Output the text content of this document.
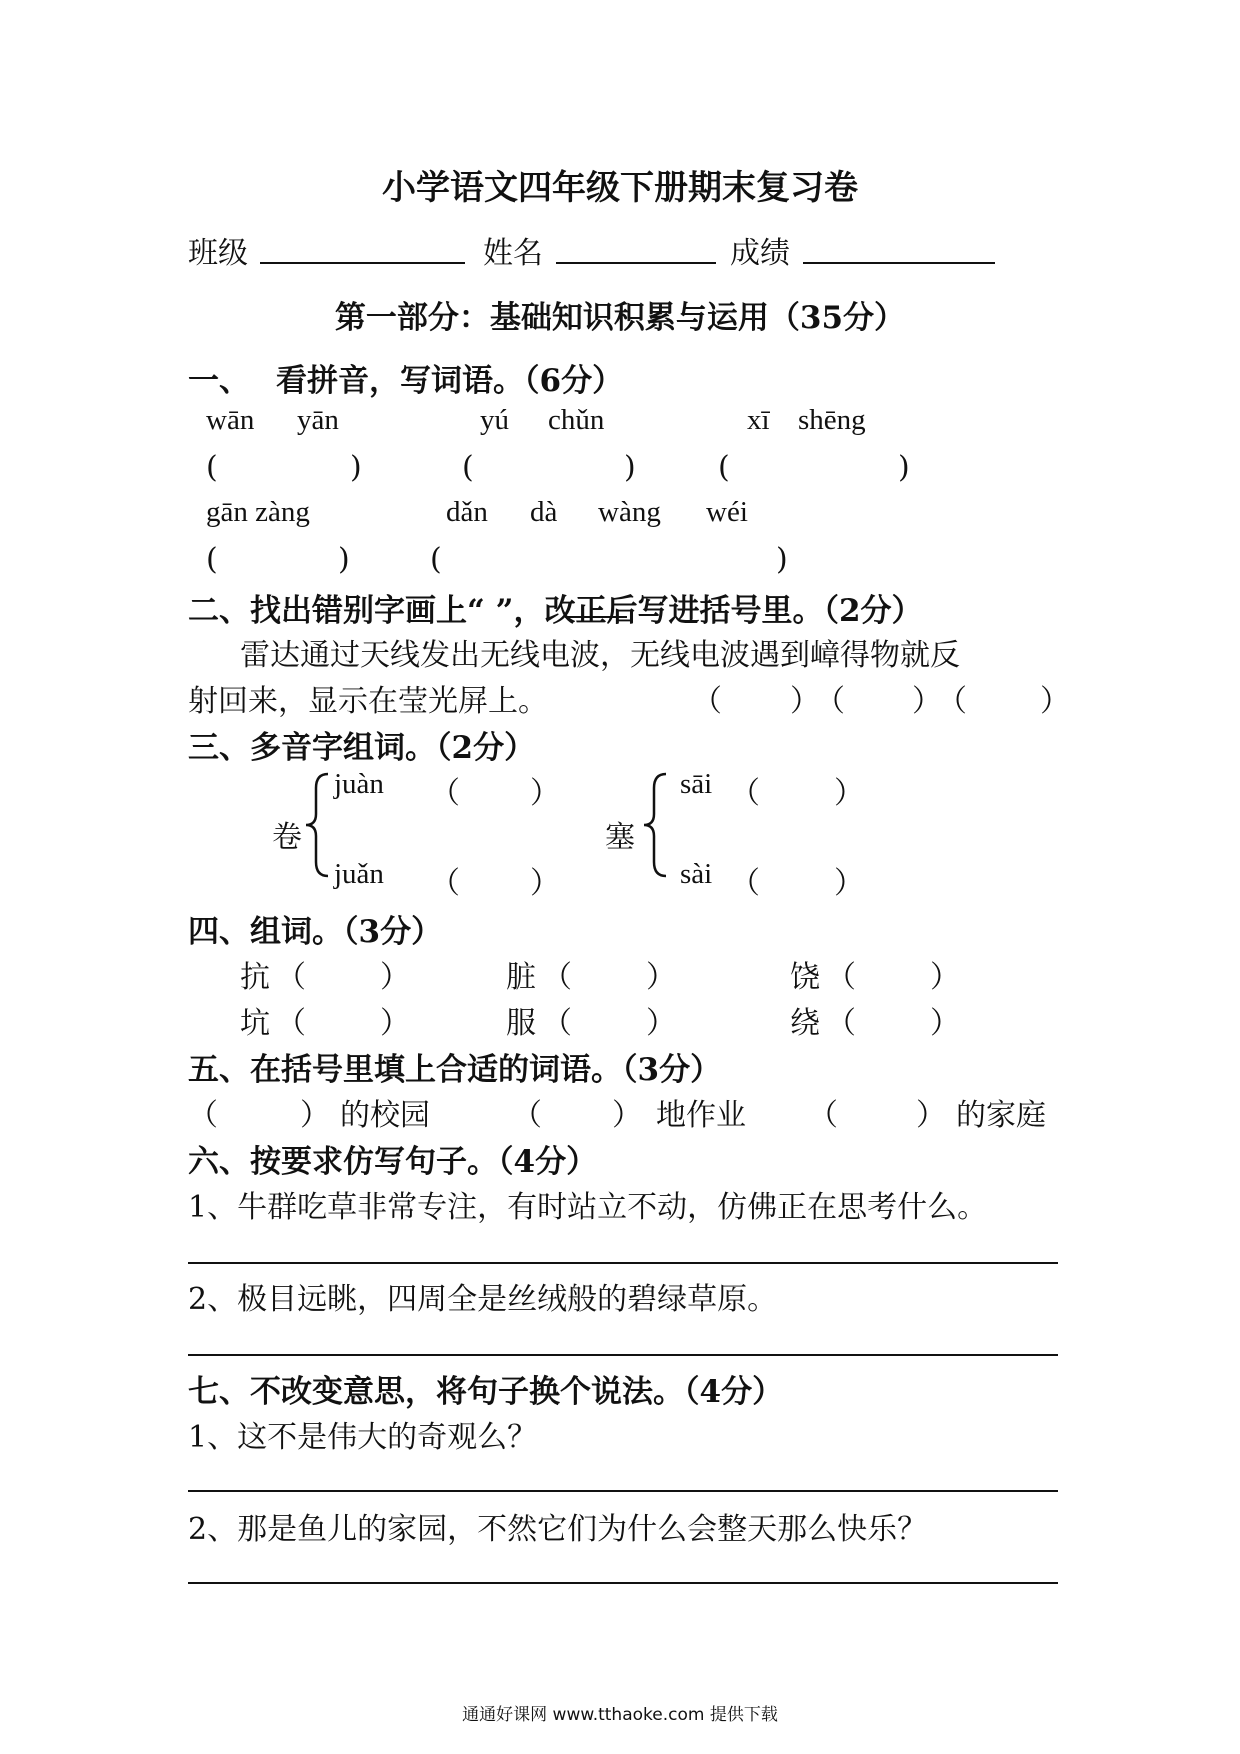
小学语文四年级下册期末复习卷
班级	姓名	成绩
第一部分：基础知识积累与运用（35分）
一、 看拼音，写词语。（6分）
wān yān	yú chǔn	xī shēng
(	)	(	)	(	)
gān zàng	dǎn dà wàng wéi
(	)	(	)
二、找出错别字画上“ ”，改正后写进括号里。（2分）
雷达通过天线发出无线电波，无线电波遇到嶂得物就反
射回来，显示在莹光屏上。	（ ）
（ ）
（ ）
三、多音字组词。（2分）
卷
juàn （ ）
juǎn （ ）
塞
sāi （ ）
sài （ ）
四、组词。（3分）
抗 （ ）	脏 （ ）	饶 （ ）
坑 （ ）	服 （ ）	绕 （ ）
五、在括号里填上合适的词语。（3分）
（	） 的校园	（ ） 地作业 （	） 的家庭
六、按要求仿写句子。（4分）
1、牛群吃草非常专注，有时站立不动，仿佛正在思考什么。
2、极目远眺，四周全是丝绒般的碧绿草原。
七、不改变意思，将句子换个说法。（4分）
1、这不是伟大的奇观么？
2、那是鱼儿的家园，不然它们为什么会整天那么快乐？
通通好课网 www.tthaoke.com 提供下载
